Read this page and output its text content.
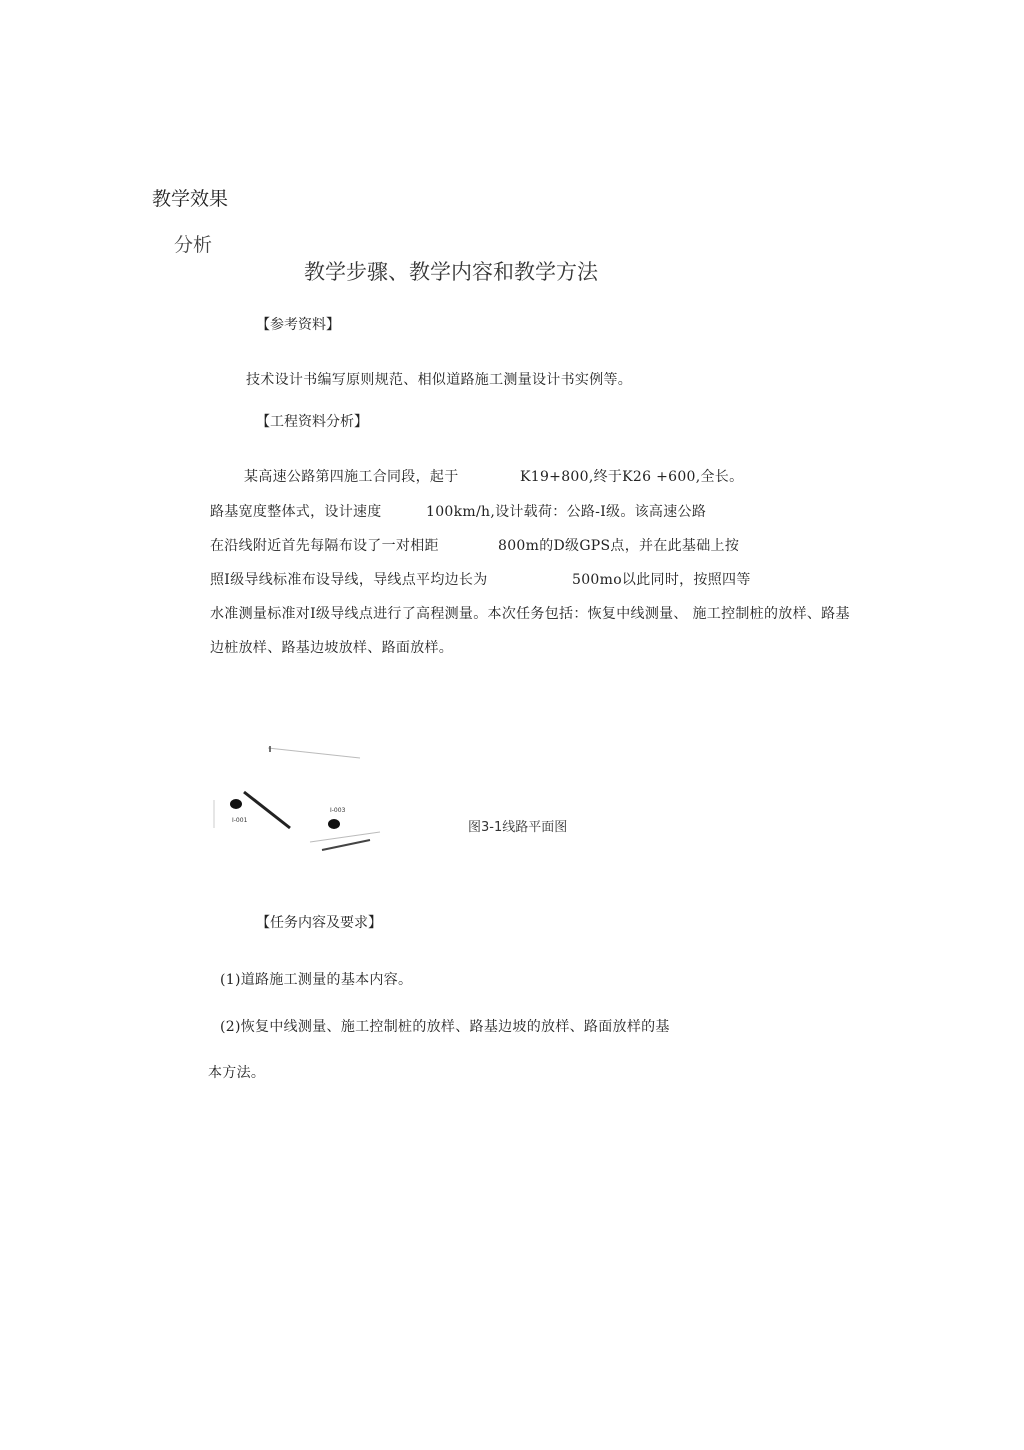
教学效果
分析
教学步骤、教学内容和教学方法
【参考资料】
技术设计书编写原则规范、相似道路施工测量设计书实例等。
【工程资料分析】
某高速公路第四施工合同段，起于	K19+800,终于K26 +600,全长。
路基宽度整体式，设计速度	100km/h,设计载荷：公路-I级。该高速公路
在沿线附近首先每隔布设了一对相距	800m的D级GPS点，并在此基础上按
照I级导线标准布设导线，导线点平均边长为	500mo以此同时，按照四等
水准测量标准对I级导线点进行了高程测量。本次任务包括：恢复中线测量、 施工控制桩的放样、路基
边桩放样、路基边坡放样、路面放样。
I-001
I-003
图3-1线路平面图
【任务内容及要求】
(1)道路施工测量的基本内容。
(2)恢复中线测量、施工控制桩的放样、路基边坡的放样、路面放样的基
本方法。
